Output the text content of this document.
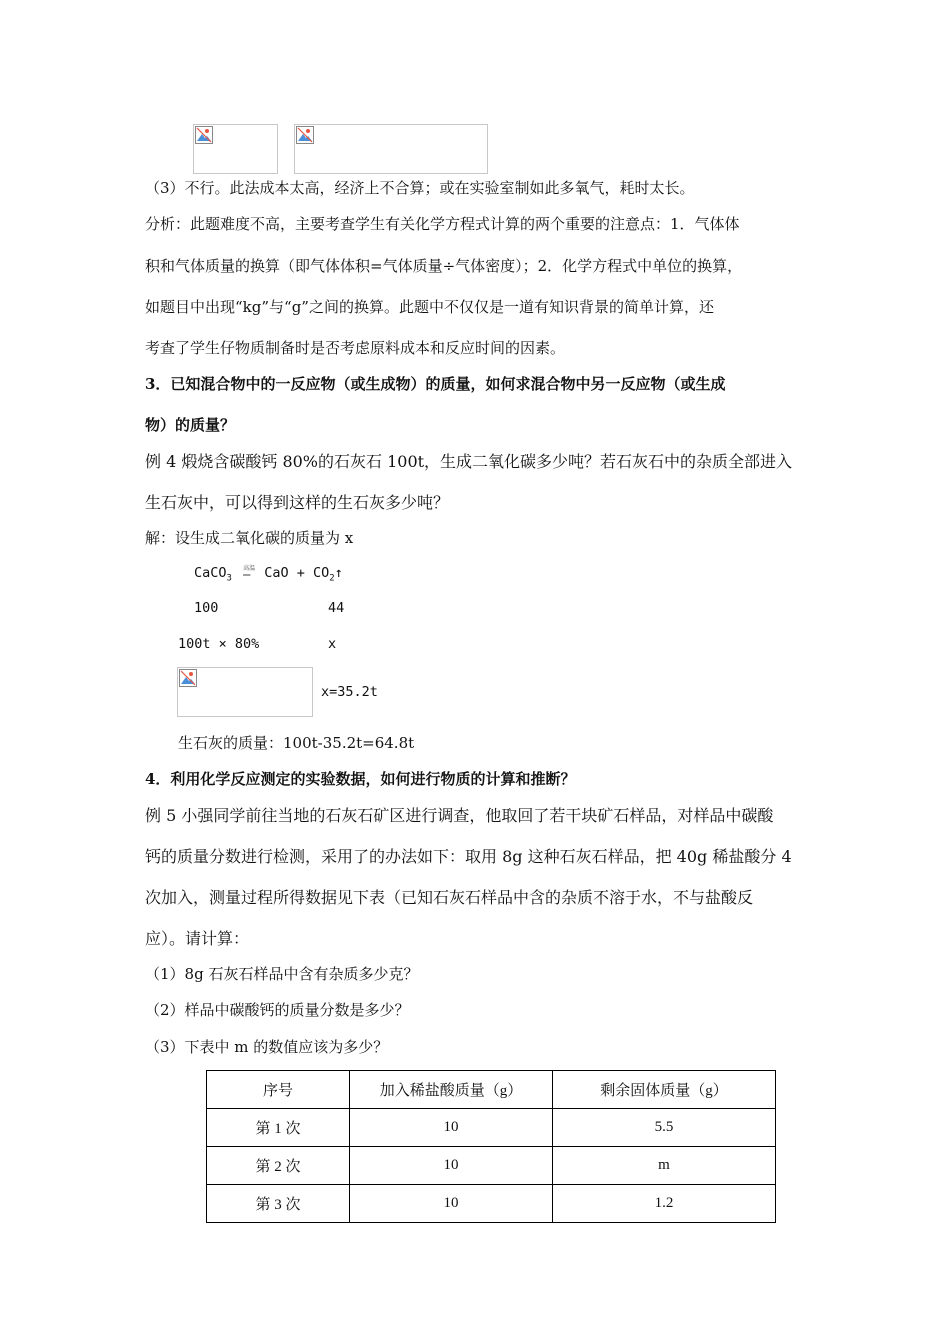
（3）不行。此法成本太高，经济上不合算；或在实验室制如此多氧气，耗时太长。
分析：此题难度不高，主要考查学生有关化学方程式计算的两个重要的注意点：1．气体体
积和气体质量的换算（即气体体积=气体质量÷气体密度）；2．化学方程式中单位的换算，
如题目中出现“kg”与“g”之间的换算。此题中不仅仅是一道有知识背景的简单计算，还
考查了学生仔物质制备时是否考虑原料成本和反应时间的因素。
3．已知混合物中的一反应物（或生成物）的质量，如何求混合物中另一反应物（或生成
物）的质量？
例 4 煅烧含碳酸钙 80%的石灰石 100t，生成二氧化碳多少吨？若石灰石中的杂质全部进入
生石灰中，可以得到这样的生石灰多少吨？
解：设生成二氧化碳的质量为 x
CaCO$_3$
高温
══ CaO + $CO_2↑$
100	44
100t × 80%	x
x=35.2t
生石灰的质量：100t-35.2t=64.8t
4．利用化学反应测定的实验数据，如何进行物质的计算和推断？
例 5 小强同学前往当地的石灰石矿区进行调查，他取回了若干块矿石样品，对样品中碳酸
钙的质量分数进行检测，采用了的办法如下：取用 8g 这种石灰石样品，把 40g 稀盐酸分 4
次加入，测量过程所得数据见下表（已知石灰石样品中含的杂质不溶于水，不与盐酸反
应）。请计算：
（1）8g 石灰石样品中含有杂质多少克？
（2）样品中碳酸钙的质量分数是多少？
（3）下表中 m 的数值应该为多少？
序号	加入稀盐酸质量（g）	剩余固体质量（g）
第 1 次	10	5.5
第 2 次	10	m
第 3 次	10	1.2
